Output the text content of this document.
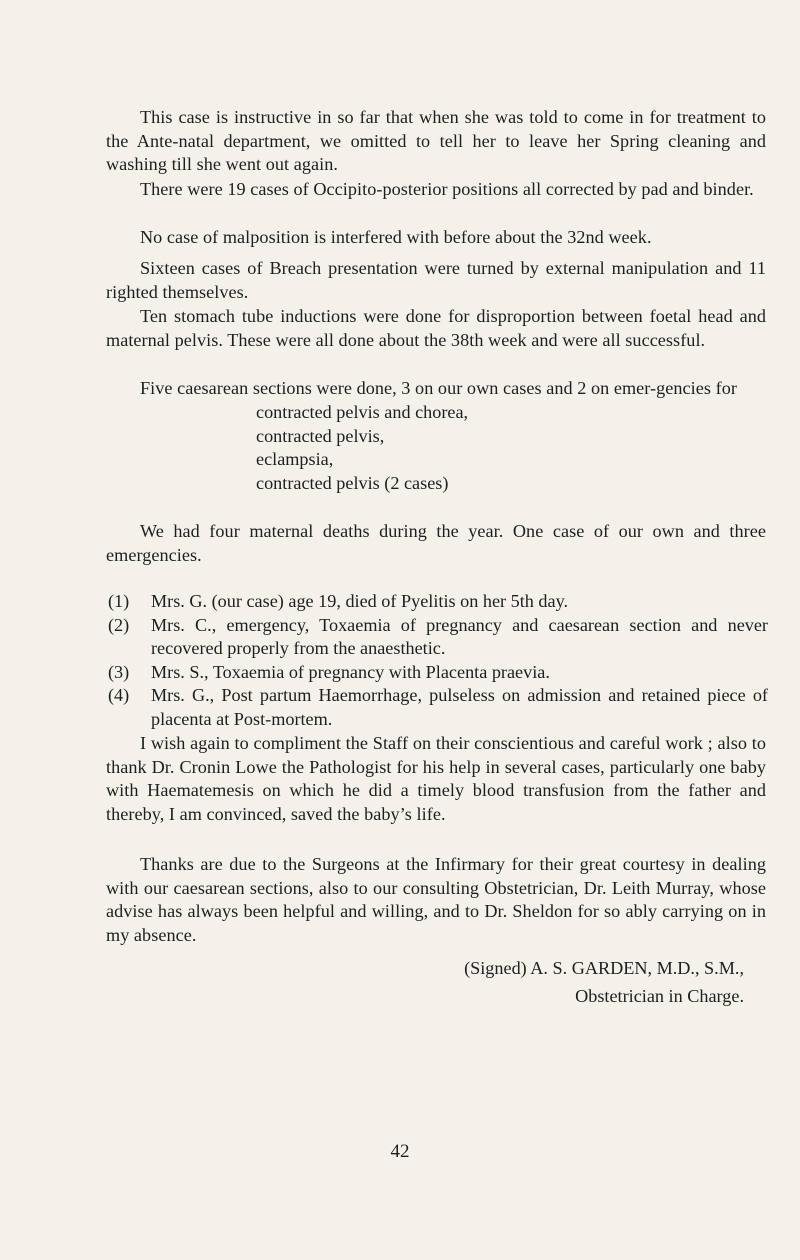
This case is instructive in so far that when she was told to come in for treatment to the Ante-natal department, we omitted to tell her to leave her Spring cleaning and washing till she went out again.

There were 19 cases of Occipito-posterior positions all corrected by pad and binder.

No case of malposition is interfered with before about the 32nd week.

Sixteen cases of Breach presentation were turned by external manipulation and 11 righted themselves.

Ten stomach tube inductions were done for disproportion between foetal head and maternal pelvis. These were all done about the 38th week and were all successful.

Five caesarean sections were done, 3 on our own cases and 2 on emer-gencies for

contracted pelvis and chorea,
contracted pelvis,
eclampsia,
contracted pelvis (2 cases)

We had four maternal deaths during the year. One case of our own and three emergencies.

(1) Mrs. G. (our case) age 19, died of Pyelitis on her 5th day.
(2) Mrs. C., emergency, Toxaemia of pregnancy and caesarean section and never recovered properly from the anaesthetic.
(3) Mrs. S., Toxaemia of pregnancy with Placenta praevia.
(4) Mrs. G., Post partum Haemorrhage, pulseless on admission and retained piece of placenta at Post-mortem.

I wish again to compliment the Staff on their conscientious and careful work ; also to thank Dr. Cronin Lowe the Pathologist for his help in several cases, particularly one baby with Haematemesis on which he did a timely blood transfusion from the father and thereby, I am convinced, saved the baby’s life.

Thanks are due to the Surgeons at the Infirmary for their great courtesy in dealing with our caesarean sections, also to our consulting Obstetrician, Dr. Leith Murray, whose advise has always been helpful and willing, and to Dr. Sheldon for so ably carrying on in my absence.

(Signed) A. S. GARDEN, M.D., S.M.,
Obstetrician in Charge.
42
